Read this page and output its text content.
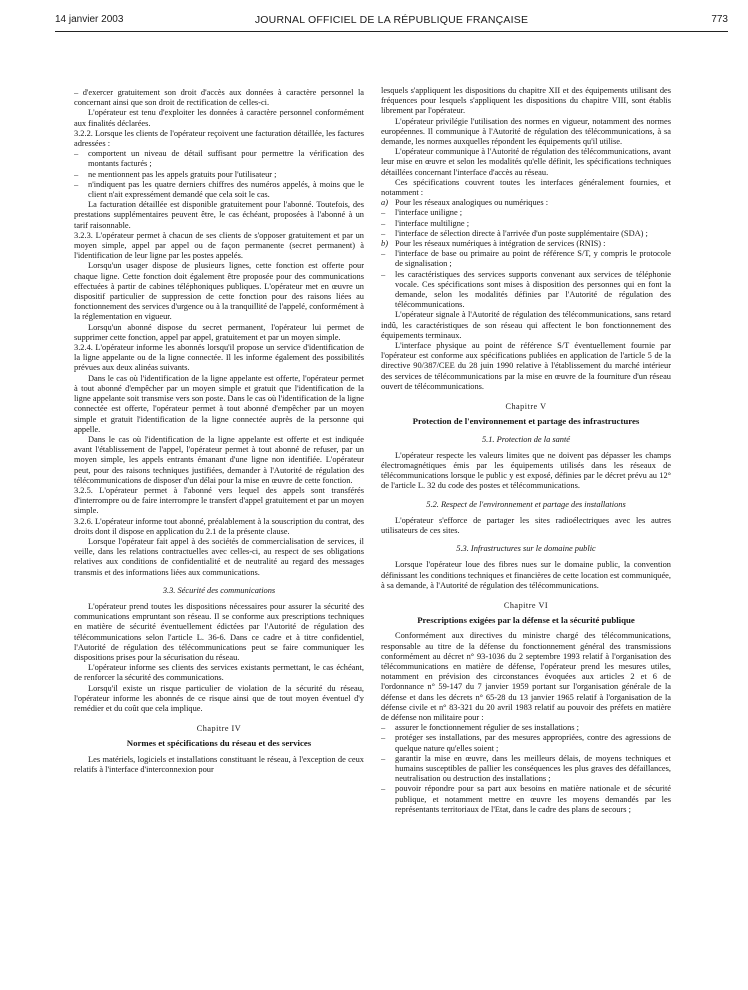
14 janvier 2003	JOURNAL OFFICIEL DE LA RÉPUBLIQUE FRANÇAISE	773

– d'exercer gratuitement son droit d'accès aux données à caractère personnel la concernant ainsi que son droit de rectification de celles-ci.

L'opérateur est tenu d'exploiter les données à caractère personnel conformément aux finalités déclarées.

3.2.2. Lorsque les clients de l'opérateur reçoivent une facturation détaillée, les factures adressées :

– comportent un niveau de détail suffisant pour permettre la vérification des montants facturés ;
– ne mentionnent pas les appels gratuits pour l'utilisateur ;
– n'indiquent pas les quatre derniers chiffres des numéros appelés, à moins que le client n'ait expressément demandé que cela soit le cas.

La facturation détaillée est disponible gratuitement pour l'abonné. Toutefois, des prestations supplémentaires peuvent être, le cas échéant, proposées à l'abonné à un tarif raisonnable.

3.2.3. L'opérateur permet à chacun de ses clients de s'opposer gratuitement et par un moyen simple, appel par appel ou de façon permanente (secret permanent) à l'identification de leur ligne par les postes appelés.

Lorsqu'un usager dispose de plusieurs lignes, cette fonction est offerte pour chaque ligne. Cette fonction doit également être proposée pour des communications effectuées à partir de cabines téléphoniques publiques. L'opérateur met en œuvre un dispositif particulier de suppression de cette fonction pour des raisons liées au fonctionnement des services d'urgence ou à la tranquillité de l'appelé, conformément à la réglementation en vigueur.

Lorsqu'un abonné dispose du secret permanent, l'opérateur lui permet de supprimer cette fonction, appel par appel, gratuitement et par un moyen simple.

3.2.4. L'opérateur informe les abonnés lorsqu'il propose un service d'identification de la ligne appelante ou de la ligne connectée. Il les informe également des possibilités prévues aux deux alinéas suivants.

Dans le cas où l'identification de la ligne appelante est offerte, l'opérateur permet à tout abonné d'empêcher par un moyen simple et gratuit que l'identification de la ligne appelante soit transmise vers son poste. Dans le cas où l'identification de la ligne connectée est offerte, l'opérateur permet à tout abonné d'empêcher par un moyen simple et gratuit l'identification de la ligne connectée auprès de la personne qui appelle.

Dans le cas où l'identification de la ligne appelante est offerte et est indiquée avant l'établissement de l'appel, l'opérateur permet à tout abonné de refuser, par un moyen simple, les appels entrants émanant d'une ligne non identifiée. L'opérateur peut, pour des raisons techniques justifiées, demander à l'Autorité de régulation des télécommunications de disposer d'un délai pour la mise en œuvre de cette fonction.

3.2.5. L'opérateur permet à l'abonné vers lequel des appels sont transférés d'interrompre ou de faire interrompre le transfert d'appel gratuitement et par un moyen simple.

3.2.6. L'opérateur informe tout abonné, préalablement à la souscription du contrat, des droits dont il dispose en application du 2.1 de la présente clause.

Lorsque l'opérateur fait appel à des sociétés de commercialisation de services, il veille, dans les relations contractuelles avec celles-ci, au respect de ses obligations relatives aux conditions de confidentialité et de neutralité au regard des messages transmis et des informations liées aux communications.

3.3. Sécurité des communications

L'opérateur prend toutes les dispositions nécessaires pour assurer la sécurité des communications empruntant son réseau. Il se conforme aux prescriptions techniques en matière de sécurité éventuellement édictées par l'Autorité de régulation des télécommunications selon l'article L. 36-6. Dans ce cadre et à titre confidentiel, l'Autorité de régulation des télécommunications peut se faire communiquer les dispositions prises pour la sécurisation du réseau.

L'opérateur informe ses clients des services existants permettant, le cas échéant, de renforcer la sécurité des communications.

Lorsqu'il existe un risque particulier de violation de la sécurité du réseau, l'opérateur informe les abonnés de ce risque ainsi que de tout moyen éventuel d'y remédier et du coût que cela implique.

Chapitre IV

Normes et spécifications du réseau et des services

Les matériels, logiciels et installations constituant le réseau, à l'exception de ceux relatifs à l'interface d'interconnexion pour

lesquels s'appliquent les dispositions du chapitre XII et des équipements utilisant des fréquences pour lesquels s'appliquent les dispositions du chapitre VIII, sont établis librement par l'opérateur.

L'opérateur privilégie l'utilisation des normes en vigueur, notamment des normes européennes. Il communique à l'Autorité de régulation des télécommunications, à sa demande, les normes auxquelles répondent les équipements qu'il utilise.

L'opérateur communique à l'Autorité de régulation des télécommunications, avant leur mise en œuvre et selon les modalités qu'elle définit, les spécifications techniques détaillées concernant l'interface d'accès au réseau.

Ces spécifications couvrent toutes les interfaces généralement fournies, et notamment :

a) Pour les réseaux analogiques ou numériques :
– l'interface uniligne ;
– l'interface multiligne ;
– l'interface de sélection directe à l'arrivée d'un poste supplémentaire (SDA) ;
b) Pour les réseaux numériques à intégration de services (RNIS) :
– l'interface de base ou primaire au point de référence S/T, y compris le protocole de signalisation ;
– les caractéristiques des services supports convenant aux services de téléphonie vocale. Ces spécifications sont mises à disposition des personnes qui en font la demande, selon les modalités définies par l'Autorité de régulation des télécommunications.

L'opérateur signale à l'Autorité de régulation des télécommunications, sans retard indû, les caractéristiques de son réseau qui affectent le bon fonctionnement des équipements terminaux.

L'interface physique au point de référence S/T éventuellement fournie par l'opérateur est conforme aux spécifications publiées en application de l'article 5 de la directive 90/387/CEE du 28 juin 1990 relative à l'établissement du marché intérieur des services de télécommunications par la mise en œuvre de la fourniture d'un réseau ouvert de télécommunications.

Chapitre V

Protection de l'environnement et partage des infrastructures

5.1. Protection de la santé

L'opérateur respecte les valeurs limites que ne doivent pas dépasser les champs électromagnétiques émis par les équipements utilisés dans les réseaux de télécommunications lorsque le public y est exposé, définies par le décret prévu au 12° de l'article L. 32 du code des postes et télécommunications.

5.2. Respect de l'environnement et partage des installations

L'opérateur s'efforce de partager les sites radioélectriques avec les autres utilisateurs de ces sites.

5.3. Infrastructures sur le domaine public

Lorsque l'opérateur loue des fibres nues sur le domaine public, la convention définissant les conditions techniques et financières de cette location est communiquée, à sa demande, à l'Autorité de régulation des télécommunications.

Chapitre VI

Prescriptions exigées par la défense et la sécurité publique

Conformément aux directives du ministre chargé des télécommunications, responsable au titre de la défense du fonctionnement général des transmissions conformément au décret n° 93-1036 du 2 septembre 1993 relatif à l'organisation des télécommunications en matière de défense, l'opérateur prend les mesures utiles, notamment en prévision des circonstances évoquées aux articles 2 et 6 de l'ordonnance n° 59-147 du 7 janvier 1959 portant sur l'organisation générale de la défense et dans les décrets n° 65-28 du 13 janvier 1965 relatif à l'organisation de la défense civile et n° 83-321 du 20 avril 1983 relatif au pouvoir des préfets en matière de défense non militaire pour :

– assurer le fonctionnement régulier de ses installations ;
– protéger ses installations, par des mesures appropriées, contre des agressions de quelque nature qu'elles soient ;
– garantir la mise en œuvre, dans les meilleurs délais, de moyens techniques et humains susceptibles de pallier les conséquences les plus graves des défaillances, neutralisation ou destruction des installations ;
– pouvoir répondre pour sa part aux besoins en matière nationale et de sécurité publique, et notamment mettre en œuvre les moyens demandés par les représentants territoriaux de l'Etat, dans le cadre des plans de secours ;
